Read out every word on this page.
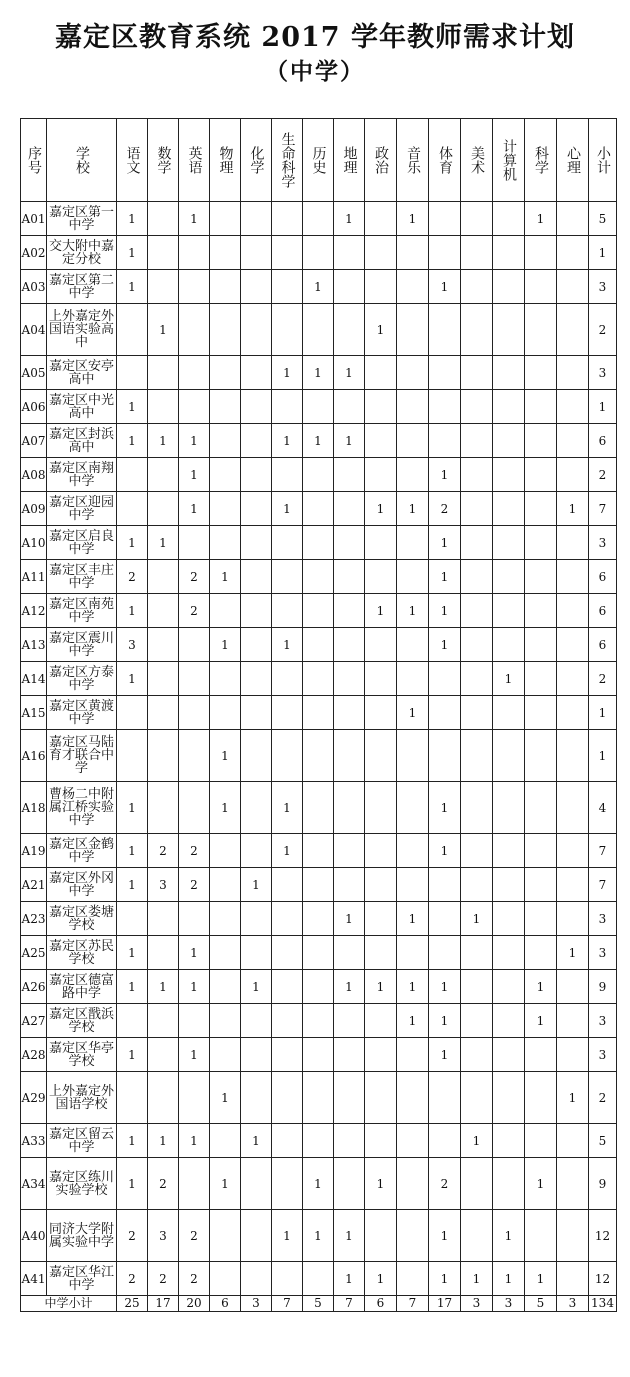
嘉定区教育系统 2017 学年教师需求计划
（中学）
序号	学校	语文	数学	英语	物理	化学	生命科学	历史	地理	政治	音乐	体育	美术	计算机	科学	心理	小计
A01	嘉定区第一中学	1		1					1		1				1		5
A02	交大附中嘉定分校	1															1
A03	嘉定区第二中学	1						1				1					3
A04	上外嘉定外国语实验高中		1							1							2
A05	嘉定区安亭高中						1	1	1								3
A06	嘉定区中光高中	1															1
A07	嘉定区封浜高中	1	1	1			1	1	1								6
A08	嘉定区南翔中学			1								1					2
A09	嘉定区迎园中学			1			1			1	1	2				1	7
A10	嘉定区启良中学	1	1									1					3
A11	嘉定区丰庄中学	2		2	1							1					6
A12	嘉定区南苑中学	1		2						1	1	1					6
A13	嘉定区震川中学	3			1		1					1					6
A14	嘉定区方泰中学	1												1			2
A15	嘉定区黄渡中学										1						1
A16	嘉定区马陆育才联合中学				1												1
A18	曹杨二中附属江桥实验中学	1			1		1					1					4
A19	嘉定区金鹤中学	1	2	2			1					1					7
A21	嘉定区外冈中学	1	3	2		1											7
A23	嘉定区娄塘学校								1		1		1				3
A25	嘉定区苏民学校	1		1												1	3
A26	嘉定区德富路中学	1	1	1		1			1	1	1	1			1		9
A27	嘉定区戬浜学校										1	1			1		3
A28	嘉定区华亭学校	1		1								1					3
A29	上外嘉定外国语学校				1											1	2
A33	嘉定区留云中学	1	1	1		1							1				5
A34	嘉定区练川实验学校	1	2		1			1		1		2			1		9
A40	同济大学附属实验中学	2	3	2			1	1	1			1		1			12
A41	嘉定区华江中学	2	2	2					1	1		1	1	1	1		12
中学小计		25	17	20	6	3	7	5	7	6	7	17	3	3	5	3	134
